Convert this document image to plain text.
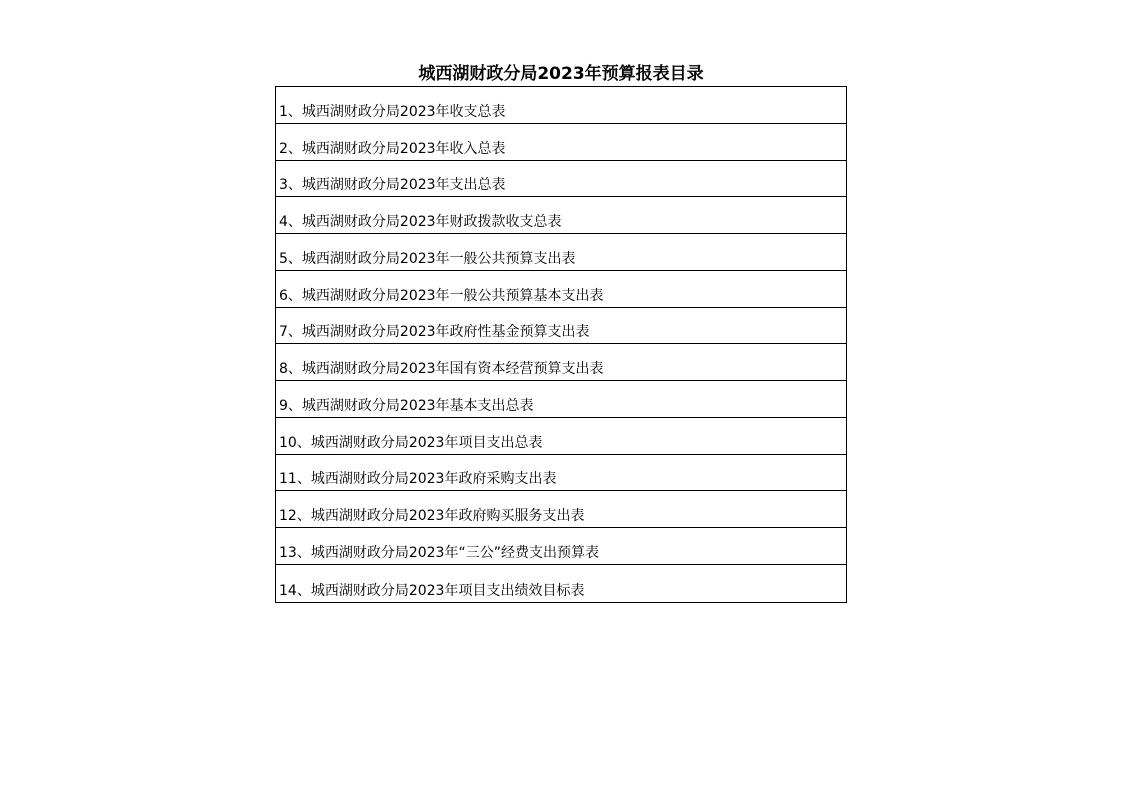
城西湖财政分局2023年预算报表目录
1、城西湖财政分局2023年收支总表
2、城西湖财政分局2023年收入总表
3、城西湖财政分局2023年支出总表
4、城西湖财政分局2023年财政拨款收支总表
5、城西湖财政分局2023年一般公共预算支出表
6、城西湖财政分局2023年一般公共预算基本支出表
7、城西湖财政分局2023年政府性基金预算支出表
8、城西湖财政分局2023年国有资本经营预算支出表
9、城西湖财政分局2023年基本支出总表
10、城西湖财政分局2023年项目支出总表
11、城西湖财政分局2023年政府采购支出表
12、城西湖财政分局2023年政府购买服务支出表
13、城西湖财政分局2023年“三公”经费支出预算表
14、城西湖财政分局2023年项目支出绩效目标表
